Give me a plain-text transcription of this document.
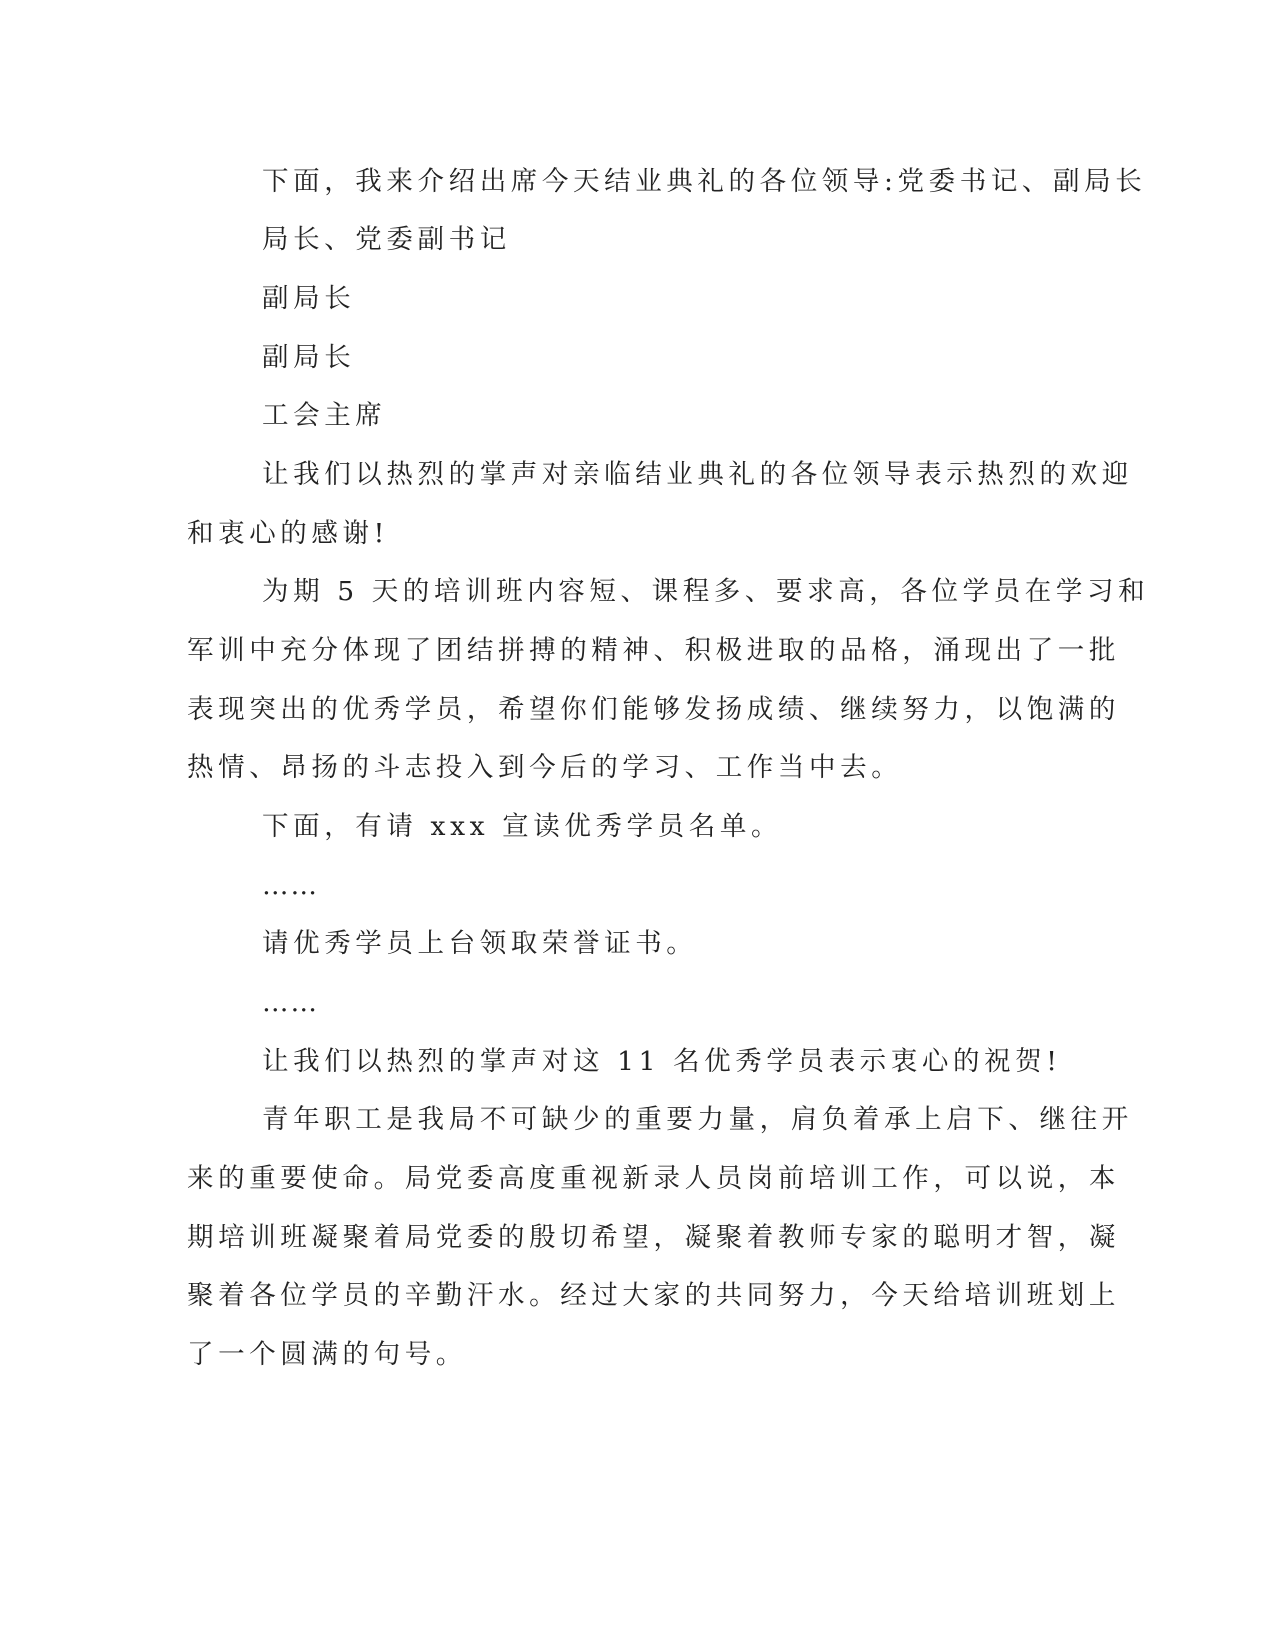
下面，我来介绍出席今天结业典礼的各位领导:党委书记、副局长

局长、党委副书记

副局长

副局长

工会主席

让我们以热烈的掌声对亲临结业典礼的各位领导表示热烈的欢迎

和衷心的感谢!

为期 5 天的培训班内容短、课程多、要求高，各位学员在学习和

军训中充分体现了团结拼搏的精神、积极进取的品格，涌现出了一批

表现突出的优秀学员，希望你们能够发扬成绩、继续努力，以饱满的

热情、昂扬的斗志投入到今后的学习、工作当中去。

下面，有请 xxx 宣读优秀学员名单。

……

请优秀学员上台领取荣誉证书。

……

让我们以热烈的掌声对这 11 名优秀学员表示衷心的祝贺!

青年职工是我局不可缺少的重要力量，肩负着承上启下、继往开

来的重要使命。局党委高度重视新录人员岗前培训工作，可以说，本

期培训班凝聚着局党委的殷切希望，凝聚着教师专家的聪明才智，凝

聚着各位学员的辛勤汗水。经过大家的共同努力，今天给培训班划上

了一个圆满的句号。
